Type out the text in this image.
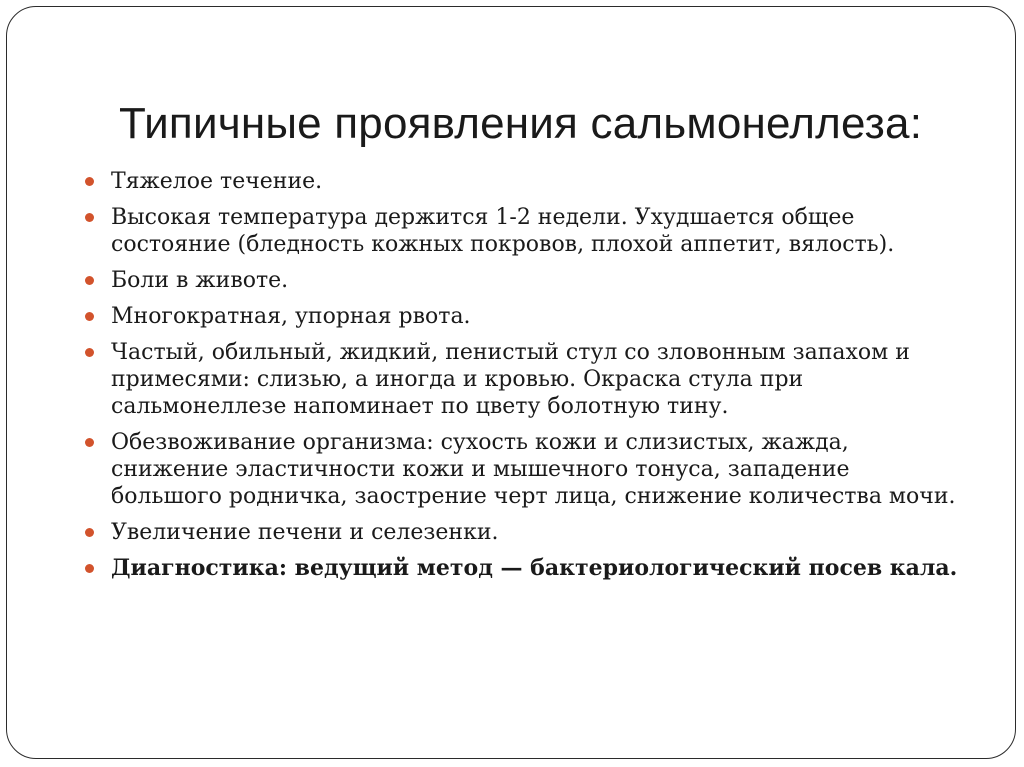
Типичные проявления сальмонеллеза:
Тяжелое течение.
Высокая температура держится 1-2 недели. Ухудшается общее состояние (бледность кожных покровов, плохой аппетит, вялость).
Боли в животе.
Многократная, упорная рвота.
Частый, обильный, жидкий, пенистый стул со зловонным запахом и примесями: слизью, а иногда и кровью. Окраска стула при сальмонеллезе напоминает по цвету болотную тину.
Обезвоживание организма: сухость кожи и слизистых, жажда, снижение эластичности кожи и мышечного тонуса, западение большого родничка, заострение черт лица, снижение количества мочи.
Увеличение печени и селезенки.
Диагностика: ведущий метод — бактериологический посев кала.
